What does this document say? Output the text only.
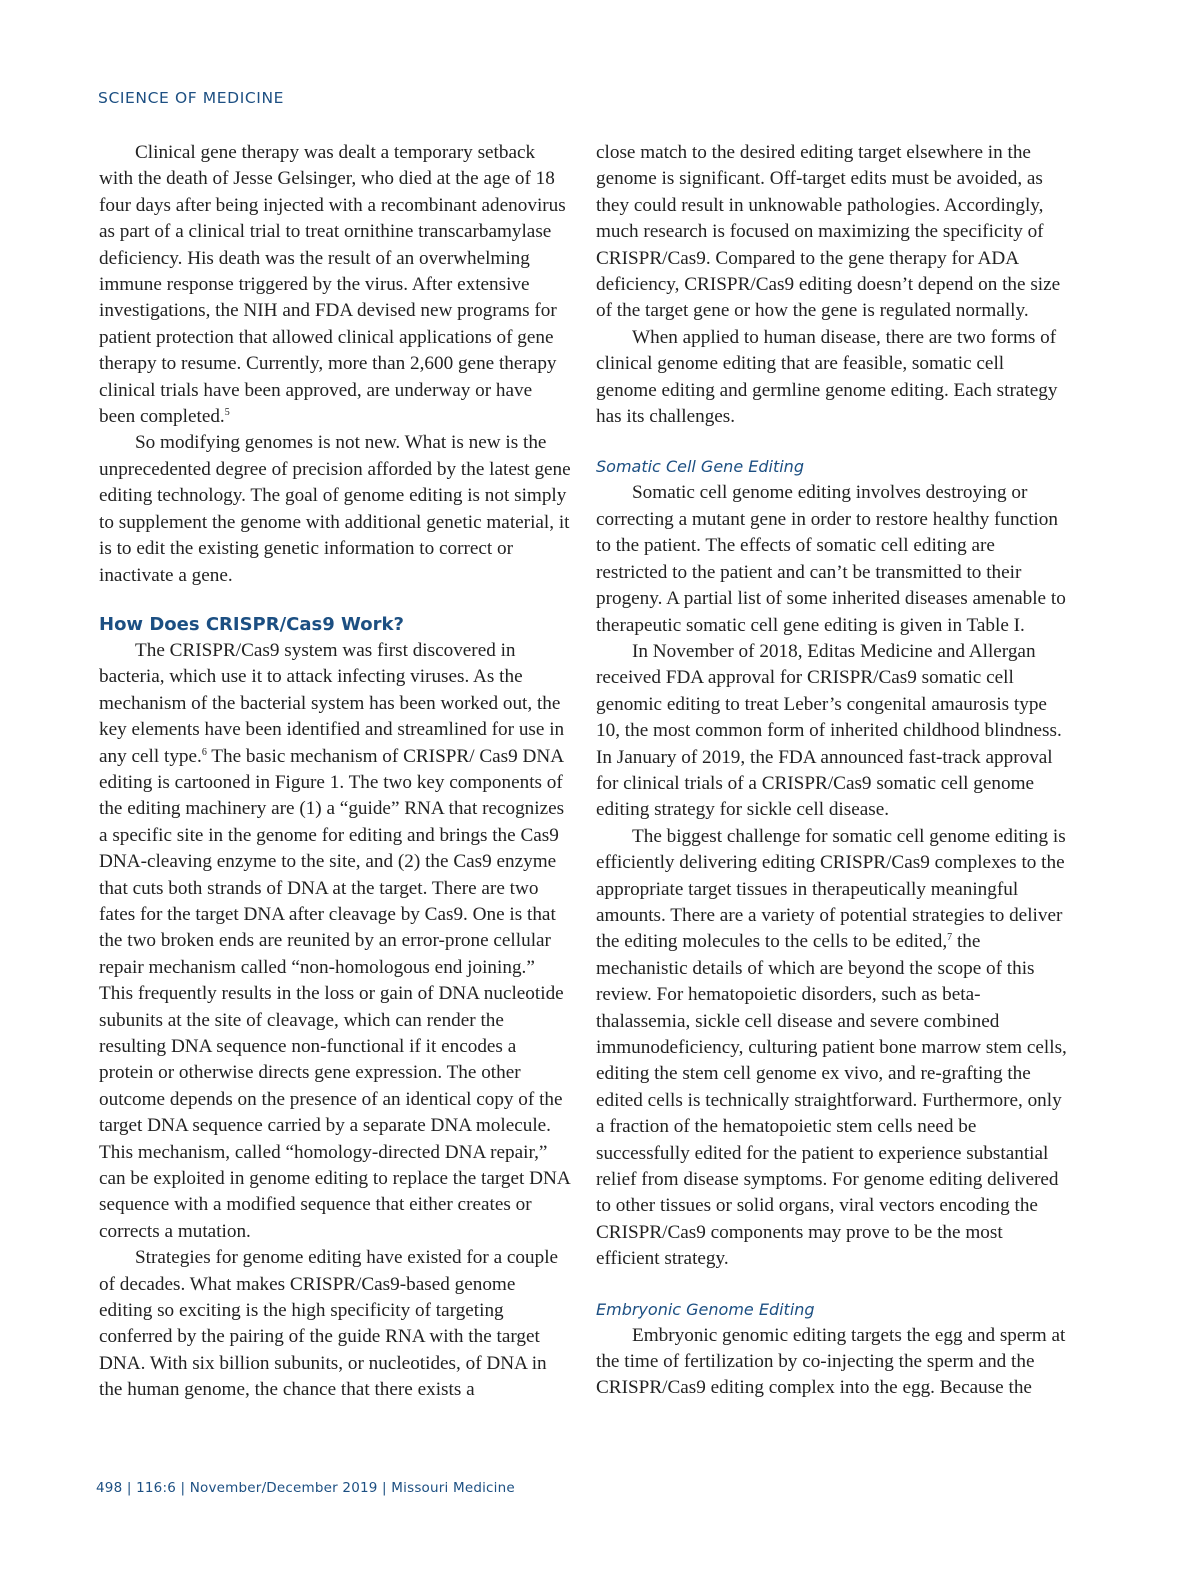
SCIENCE OF MEDICINE

Clinical gene therapy was dealt a temporary setback with the death of Jesse Gelsinger, who died at the age of 18 four days after being injected with a recombinant adenovirus as part of a clinical trial to treat ornithine transcarbamylase deficiency. His death was the result of an overwhelming immune response triggered by the virus. After extensive investigations, the NIH and FDA devised new programs for patient protection that allowed clinical applications of gene therapy to resume. Currently, more than 2,600 gene therapy clinical trials have been approved, are underway or have been completed.$^5$

So modifying genomes is not new. What is new is the unprecedented degree of precision afforded by the latest gene editing technology. The goal of genome editing is not simply to supplement the genome with additional genetic material, it is to edit the existing genetic information to correct or inactivate a gene.

How Does CRISPR/Cas9 Work?

The CRISPR/Cas9 system was first discovered in bacteria, which use it to attack infecting viruses. As the mechanism of the bacterial system has been worked out, the key elements have been identified and streamlined for use in any cell type.$^6$ The basic mechanism of CRISPR/ Cas9 DNA editing is cartooned in Figure 1. The two key components of the editing machinery are (1) a “guide” RNA that recognizes a specific site in the genome for editing and brings the Cas9 DNA-cleaving enzyme to the site, and (2) the Cas9 enzyme that cuts both strands of DNA at the target. There are two fates for the target DNA after cleavage by Cas9. One is that the two broken ends are reunited by an error-prone cellular repair mechanism called “non-homologous end joining.” This frequently results in the loss or gain of DNA nucleotide subunits at the site of cleavage, which can render the resulting DNA sequence non-functional if it encodes a protein or otherwise directs gene expression. The other outcome depends on the presence of an identical copy of the target DNA sequence carried by a separate DNA molecule. This mechanism, called “homology-directed DNA repair,” can be exploited in genome editing to replace the target DNA sequence with a modified sequence that either creates or corrects a mutation.

Strategies for genome editing have existed for a couple of decades. What makes CRISPR/Cas9-based genome editing so exciting is the high specificity of targeting conferred by the pairing of the guide RNA with the target DNA. With six billion subunits, or nucleotides, of DNA in the human genome, the chance that there exists a

close match to the desired editing target elsewhere in the genome is significant. Off-target edits must be avoided, as they could result in unknowable pathologies. Accordingly, much research is focused on maximizing the specificity of CRISPR/Cas9. Compared to the gene therapy for ADA deficiency, CRISPR/Cas9 editing doesn’t depend on the size of the target gene or how the gene is regulated normally.

When applied to human disease, there are two forms of clinical genome editing that are feasible, somatic cell genome editing and germline genome editing. Each strategy has its challenges.

Somatic Cell Gene Editing

Somatic cell genome editing involves destroying or correcting a mutant gene in order to restore healthy function to the patient. The effects of somatic cell editing are restricted to the patient and can’t be transmitted to their progeny. A partial list of some inherited diseases amenable to therapeutic somatic cell gene editing is given in Table I.

In November of 2018, Editas Medicine and Allergan received FDA approval for CRISPR/Cas9 somatic cell genomic editing to treat Leber’s congenital amaurosis type 10, the most common form of inherited childhood blindness. In January of 2019, the FDA announced fast-track approval for clinical trials of a CRISPR/Cas9 somatic cell genome editing strategy for sickle cell disease.

The biggest challenge for somatic cell genome editing is efficiently delivering editing CRISPR/Cas9 complexes to the appropriate target tissues in therapeutically meaningful amounts. There are a variety of potential strategies to deliver the editing molecules to the cells to be edited,$^7$ the mechanistic details of which are beyond the scope of this review. For hematopoietic disorders, such as beta-thalassemia, sickle cell disease and severe combined immunodeficiency, culturing patient bone marrow stem cells, editing the stem cell genome ex vivo, and re-grafting the edited cells is technically straightforward. Furthermore, only a fraction of the hematopoietic stem cells need be successfully edited for the patient to experience substantial relief from disease symptoms. For genome editing delivered to other tissues or solid organs, viral vectors encoding the CRISPR/Cas9 components may prove to be the most efficient strategy.

Embryonic Genome Editing

Embryonic genomic editing targets the egg and sperm at the time of fertilization by co-injecting the sperm and the CRISPR/Cas9 editing complex into the egg. Because the

498 | 116:6 | November/December 2019 | Missouri Medicine
